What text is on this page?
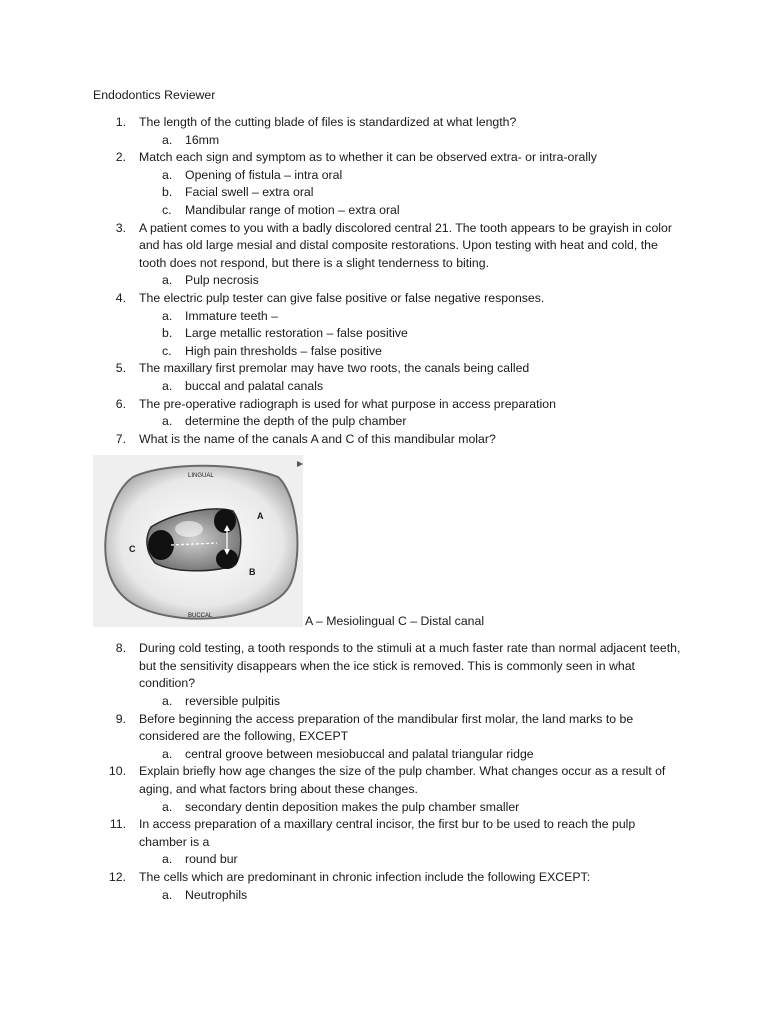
Endodontics Reviewer
1. The length of the cutting blade of files is standardized at what length?
a. 16mm
2. Match each sign and symptom as to whether it can be observed extra- or intra-orally
a. Opening of fistula – intra oral
b. Facial swell – extra oral
c. Mandibular range of motion – extra oral
3. A patient comes to you with a badly discolored central 21. The tooth appears to be grayish in color and has old large mesial and distal composite restorations. Upon testing with heat and cold, the tooth does not respond, but there is a slight tenderness to biting.
a. Pulp necrosis
4. The electric pulp tester can give false positive or false negative responses.
a. Immature teeth –
b. Large metallic restoration – false positive
c. High pain thresholds – false positive
5. The maxillary first premolar may have two roots, the canals being called
a. buccal and palatal canals
6. The pre-operative radiograph is used for what purpose in access preparation
a. determine the depth of the pulp chamber
7. What is the name of the canals A and C of this mandibular molar?
LINGUAL
BUCCAL
A
B
C
A – Mesiolingual C – Distal canal
8. During cold testing, a tooth responds to the stimuli at a much faster rate than normal adjacent teeth, but the sensitivity disappears when the ice stick is removed. This is commonly seen in what condition?
a. reversible pulpitis
9. Before beginning the access preparation of the mandibular first molar, the land marks to be considered are the following, EXCEPT
a. central groove between mesiobuccal and palatal triangular ridge
10. Explain briefly how age changes the size of the pulp chamber. What changes occur as a result of aging, and what factors bring about these changes.
a. secondary dentin deposition makes the pulp chamber smaller
11. In access preparation of a maxillary central incisor, the first bur to be used to reach the pulp chamber is a
a. round bur
12. The cells which are predominant in chronic infection include the following EXCEPT:
a. Neutrophils
